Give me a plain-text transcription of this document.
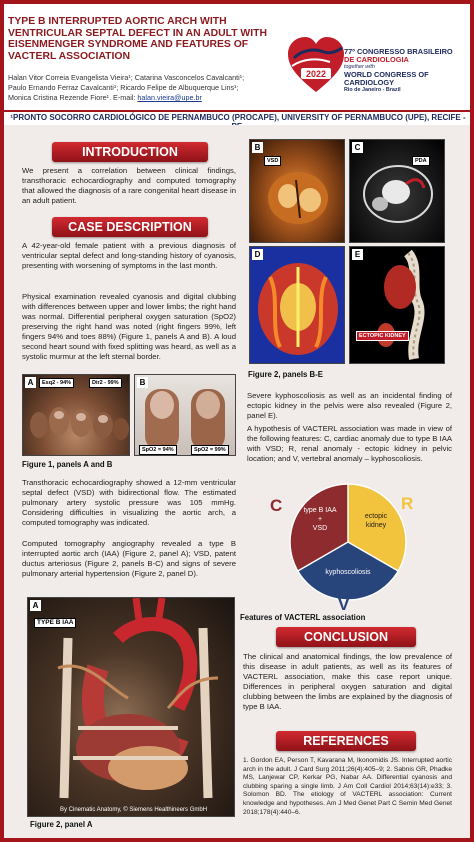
TYPE B INTERRUPTED AORTIC ARCH WITH VENTRICULAR SEPTAL DEFECT IN AN ADULT WITH EISENMENGER SYNDROME AND FEATURES OF VACTERL ASSOCIATION
Halan Vitor Correia Evangelista Vieira¹; Catarina Vasconcelos Cavalcanti¹;
Paulo Ernando Ferraz Cavalcanti¹; Ricardo Felipe de Albuquerque Lins¹;
Monica Cristina Rezende Fiore¹. E-mail: halan.vieira@upe.br
2022
77º CONGRESSO BRASILEIRO
DE CARDIOLOGIA
together with
WORLD CONGRESS OF CARDIOLOGY
Rio de Janeiro - Brazil
¹PRONTO SOCORRO CARDIOLÓGICO DE PERNAMBUCO (PROCAPE), UNIVERSITY OF PERNAMBUCO (UPE), RECIFE -
INTRODUCTION
We present a correlation between clinical findings, transthoracic echocardiography and computed tomography that allowed the diagnosis of a rare congenital heart disease in an adult patient.
CASE DESCRIPTION
A 42-year-old female patient with a previous diagnosis of ventricular septal defect and long-standing history of cyanosis, presenting with worsening of symptoms in the last month.
Physical examination revealed cyanosis and digital clubbing with differences between upper and lower limbs; the right hand was normal. Differential peripheral oxygen saturation (SpO2) preserving the right hand was noted (right fingers 99%, left fingers 94% and toes 88%) (Figure 1, panels A and B). A loud second heart sound with fixed splitting was heard, as well as a systolic murmur at the left sternal border.
A	Esq2 - 94%	Dir2 - 99%	B
SpO2 = 94%	SpO2 = 99%
Figure 1, panels A and B
Transthoracic echocardiography showed a 12-mm ventricular septal defect (VSD) with bidirectional flow. The estimated pulmonary artery systolic pressure was 105 mmHg. Considering difficulties in visualizing the aortic arch, a computed tomography was indicated.
Computed tomography angiography revealed a type B interrupted aortic arch (IAA) (Figure 2, panel A); VSD, patent ductus arteriosus (Figure 2, panels B-C) and signs of severe pulmonary arterial hypertension (Figure 2, panel D).
A
TYPE B IAA
By Cinematic Anatomy, © Siemens Healthineers GmbH
Figure 2, panel A
B
VSD
C
PDA
D	E
ECTOPIC KIDNEY
Figure 2, panels B-E
Severe kyphoscoliosis as well as an incidental finding of ectopic kidney in the pelvis were also revealed (Figure 2, panel E).
A hypothesis of VACTERL association was made in view of the following features: C, cardiac anomaly due to type B IAA with VSD; R, renal anomaly - ectopic kidney in pelvic location; and V, vertebral anomaly – kyphoscoliosis.
type B IAA
+
VSD
ectopic
kidney
kyphoscoliosis
C	R
V
Features of VACTERL association
CONCLUSION
The clinical and anatomical findings, the low prevalence of this disease in adult patients, as well as its features of VACTERL association, make this case report unique. Differences in peripheral oxygen saturation and digital clubbing between the limbs are explained by the diagnosis of type B IAA.
REFERENCES
1. Gordon EA, Person T, Kavarana M, Ikonomidis JS. Interrupted aortic arch in the adult. J Card Surg 2011;26(4):405–9; 2. Sabnis GR, Phadke MS, Lanjewar CP, Kerkar PG, Nabar AA. Differential cyanosis and clubbing sparing a single limb. J Am Coll Cardiol 2014;63(14):e33; 3. Solomon BD. The etiology of VACTERL association: Current knowledge and hypotheses. Am J Med Genet Part C Semin Med Genet 2018;178(4):440–6.
